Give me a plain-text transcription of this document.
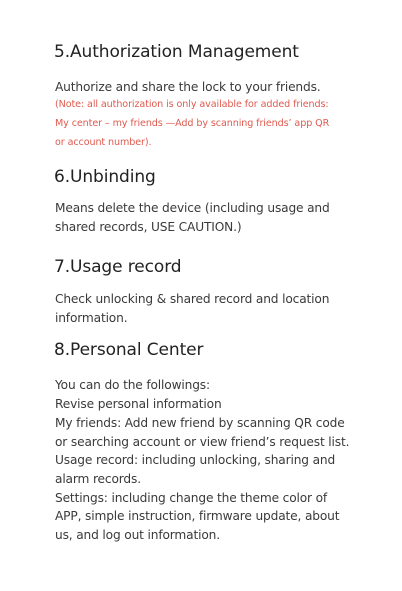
5.Authorization Management

Authorize and share the lock to your friends.

(Note: all authorization is only available for added friends:

My center – my friends —Add by scanning friends’ app QR

or account number).

6.Unbinding

Means delete the device (including usage and

shared records, USE CAUTION.)

7.Usage record

Check unlocking & shared record and location

information.

8.Personal Center

You can do the followings:

Revise personal information

My friends: Add new friend by scanning QR code

or searching account or view friend’s request list.

Usage record: including unlocking, sharing and

alarm records.

Settings: including change the theme color of

APP, simple instruction, firmware update, about

us, and log out information.
